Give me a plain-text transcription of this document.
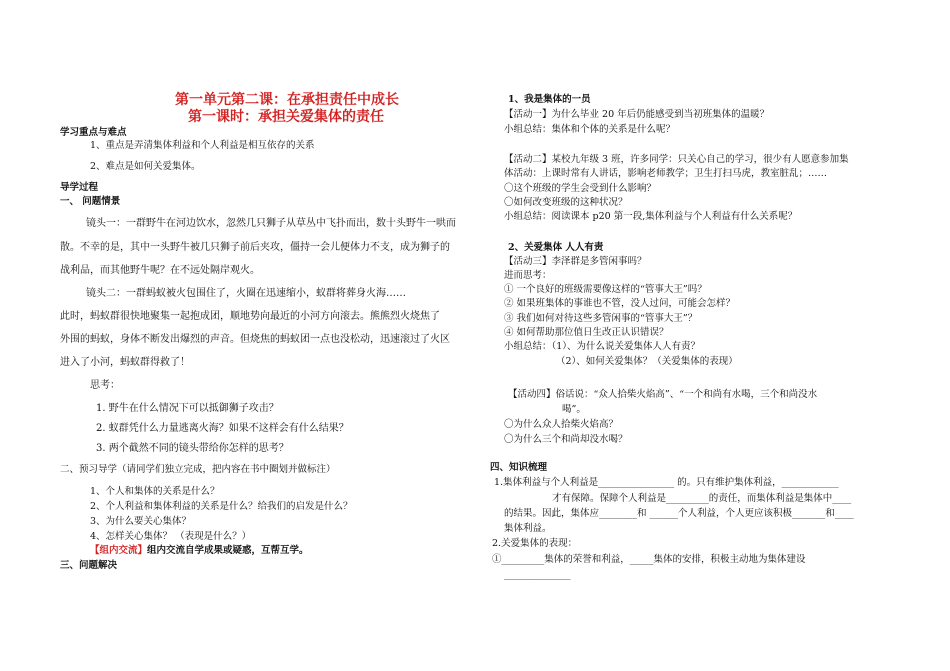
第一单元第二课：在承担责任中成长
第一课时：承担关爱集体的责任
学习重点与难点
1、重点是弄清集体利益和个人利益是相互依存的关系
2、难点是如何关爱集体。
导学过程
一、 问题情景
镜头一：一群野牛在河边饮水，忽然几只狮子从草丛中飞扑而出，数十头野牛一哄而
散。不幸的是，其中一头野牛被几只狮子前后夹攻，僵持一会儿便体力不支，成为狮子的
战利品，而其他野牛呢？在不远处隔岸观火。
镜头二：一群蚂蚁被火包围住了，火圈在迅速缩小，蚁群将葬身火海……
此时，蚂蚁群很快地聚集一起抱成团，顺地势向最近的小河方向滚去。熊熊烈火烧焦了
外围的蚂蚁，身体不断发出爆烈的声音。但烧焦的蚂蚁团一点也没松动，迅速滚过了火区
进入了小河，蚂蚁群得救了！
思考：
1. 野牛在什么情况下可以抵御狮子攻击？
2. 蚁群凭什么力量逃离火海？如果不这样会有什么结果？
3. 两个截然不同的镜头带给你怎样的思考？
二、预习导学（请同学们独立完成，把内容在书中圈划并做标注）
1、个人和集体的关系是什么？
2、个人利益和集体利益的关系是什么？给我们的启发是什么？
3、为什么要关心集体？
4、怎样关心集体？ （表现是什么？）
【组内交流】组内交流自学成果或疑惑，互帮互学。
三、问题解决
1、我是集体的一员
【活动一】为什么毕业 20 年后仍能感受到当初班集体的温暖？
小组总结：集体和个体的关系是什么呢？
【活动二】某校九年级 3 班，许多同学：只关心自己的学习，很少有人愿意参加集
体活动：上课时常有人讲话，影响老师教学；卫生打扫马虎，教室脏乱；……
〇这个班级的学生会受到什么影响？
〇如何改变班级的这种状况？
小组总结：阅读课本 p20 第一段,集体利益与个人利益有什么关系呢？
2、关爱集体 人人有责
【活动三】李泽群是多管闲事吗？
进而思考：
① 一个良好的班级需要像这样的“管事大王”吗？
② 如果班集体的事谁也不管，没人过问，可能会怎样？
③ 我们如何对待这些多管闲事的“管事大王”？
④ 如何帮助那位值日生改正认识错误？
小组总结：（1）、为什么说关爱集体人人有责？
（2）、如何关爱集体？（关爱集体的表现）
【活动四】俗话说：“众人拾柴火焰高”、“一个和尚有水喝，三个和尚没水
喝”。
〇为什么众人拾柴火焰高？
〇为什么三个和尚却没水喝？
四、知识梳理
1.集体利益与个人利益是________________ 的。只有维护集体利益，____________
才有保障。保障个人利益是_________的责任，而集体利益是集体中____
的结果。因此，集体应________和 ______个人利益，个人更应该积极_______和____
集体利益。
2.关爱集体的表现：
①_________集体的荣誉和利益，_____集体的安排，积极主动地为集体建设
______________
